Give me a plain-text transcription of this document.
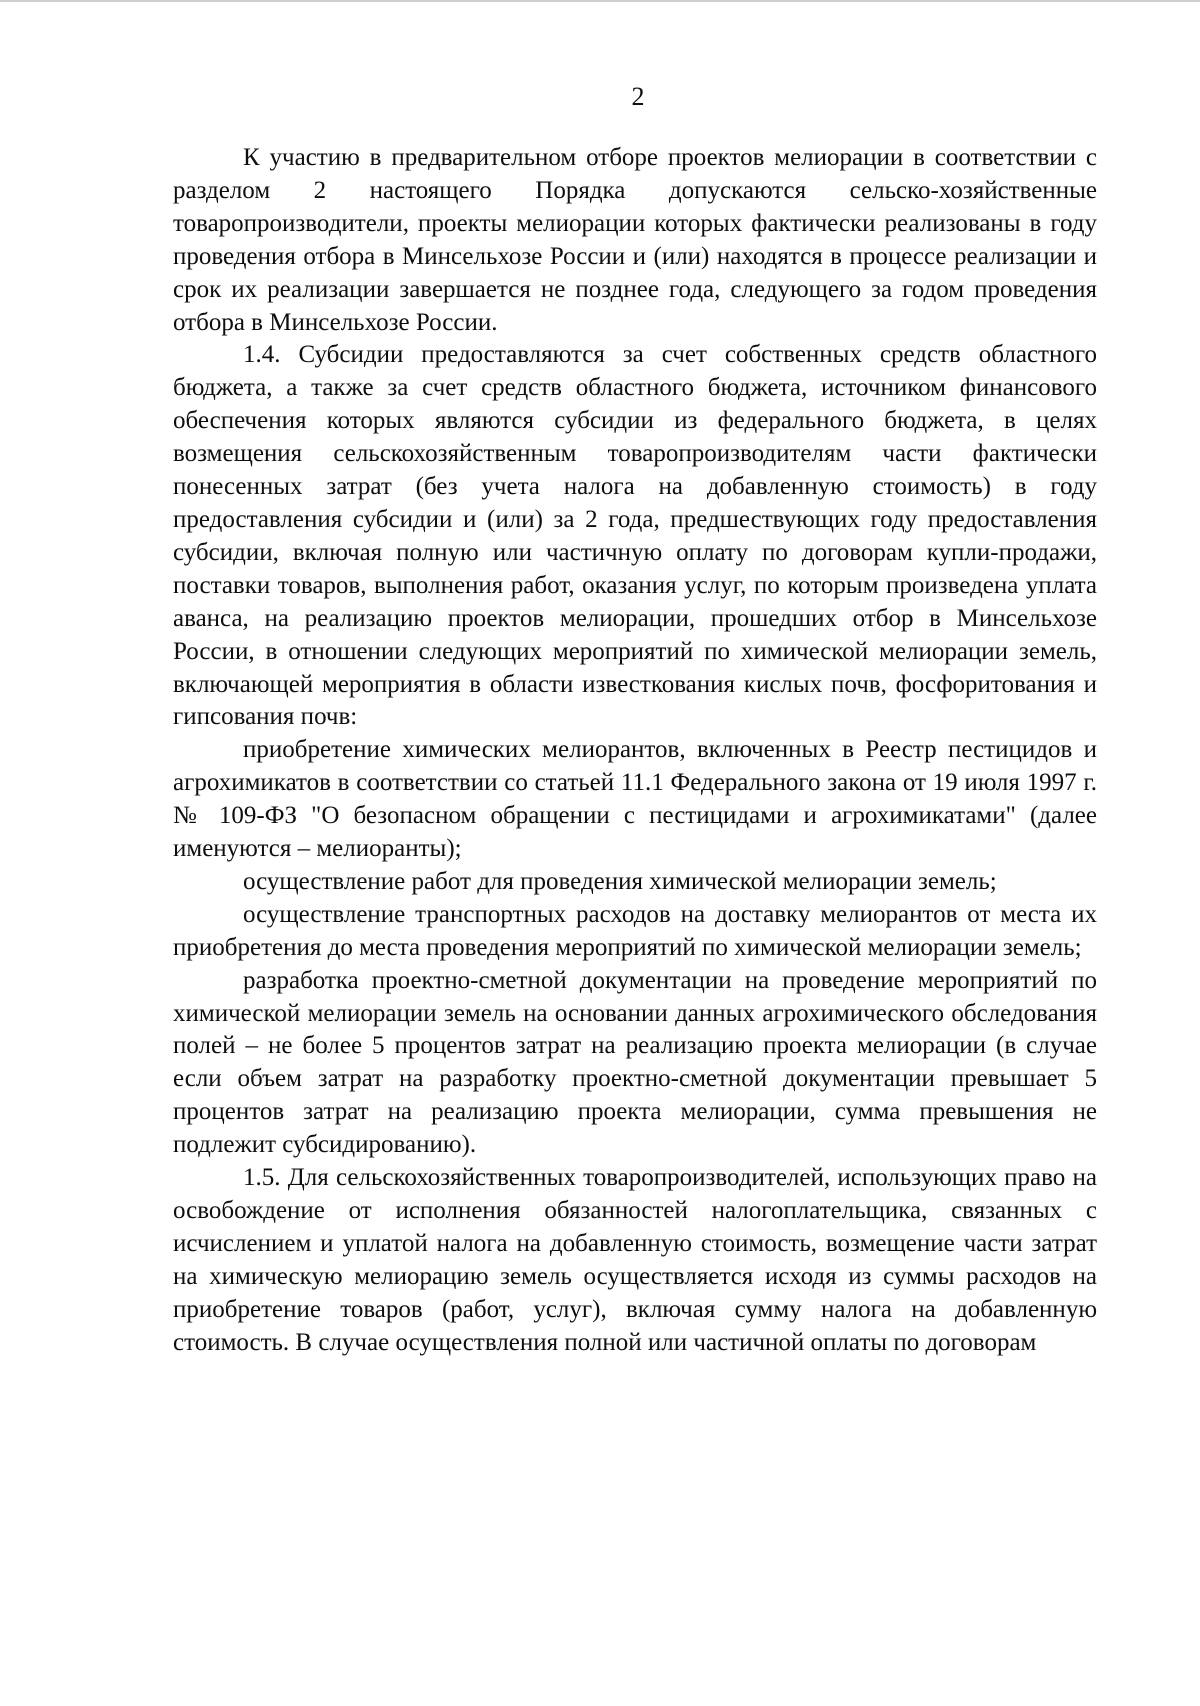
2

К участию в предварительном отборе проектов мелиорации в соответствии с разделом 2 настоящего Порядка допускаются сельско-хозяйственные товаропроизводители, проекты мелиорации которых фактически реализованы в году проведения отбора в Минсельхозе России и (или) находятся в процессе реализации и срок их реализации завершается не позднее года, следующего за годом проведения отбора в Минсельхозе России.

1.4. Субсидии предоставляются за счет собственных средств областного бюджета, а также за счет средств областного бюджета, источником финансового обеспечения которых являются субсидии из федерального бюджета, в целях возмещения сельскохозяйственным товаропроизводителям части фактически понесенных затрат (без учета налога на добавленную стоимость) в году предоставления субсидии и (или) за 2 года, предшествующих году предоставления субсидии, включая полную или частичную оплату по договорам купли-продажи, поставки товаров, выполнения работ, оказания услуг, по которым произведена уплата аванса, на реализацию проектов мелиорации, прошедших отбор в Минсельхозе России, в отношении следующих мероприятий по химической мелиорации земель, включающей мероприятия в области известкования кислых почв, фосфоритования и гипсования почв:

приобретение химических мелиорантов, включенных в Реестр пестицидов и агрохимикатов в соответствии со статьей 11.1 Федерального закона от 19 июля 1997 г. № 109-ФЗ "О безопасном обращении с пестицидами и агрохимикатами" (далее именуются – мелиоранты);

осуществление работ для проведения химической мелиорации земель;

осуществление транспортных расходов на доставку мелиорантов от места их приобретения до места проведения мероприятий по химической мелиорации земель;

разработка проектно-сметной документации на проведение мероприятий по химической мелиорации земель на основании данных агрохимического обследования полей – не более 5 процентов затрат на реализацию проекта мелиорации (в случае если объем затрат на разработку проектно-сметной документации превышает 5 процентов затрат на реализацию проекта мелиорации, сумма превышения не подлежит субсидированию).

1.5. Для сельскохозяйственных товаропроизводителей, использующих право на освобождение от исполнения обязанностей налогоплательщика, связанных с исчислением и уплатой налога на добавленную стоимость, возмещение части затрат на химическую мелиорацию земель осуществляется исходя из суммы расходов на приобретение товаров (работ, услуг), включая сумму налога на добавленную стоимость. В случае осуществления полной или частичной оплаты по договорам
